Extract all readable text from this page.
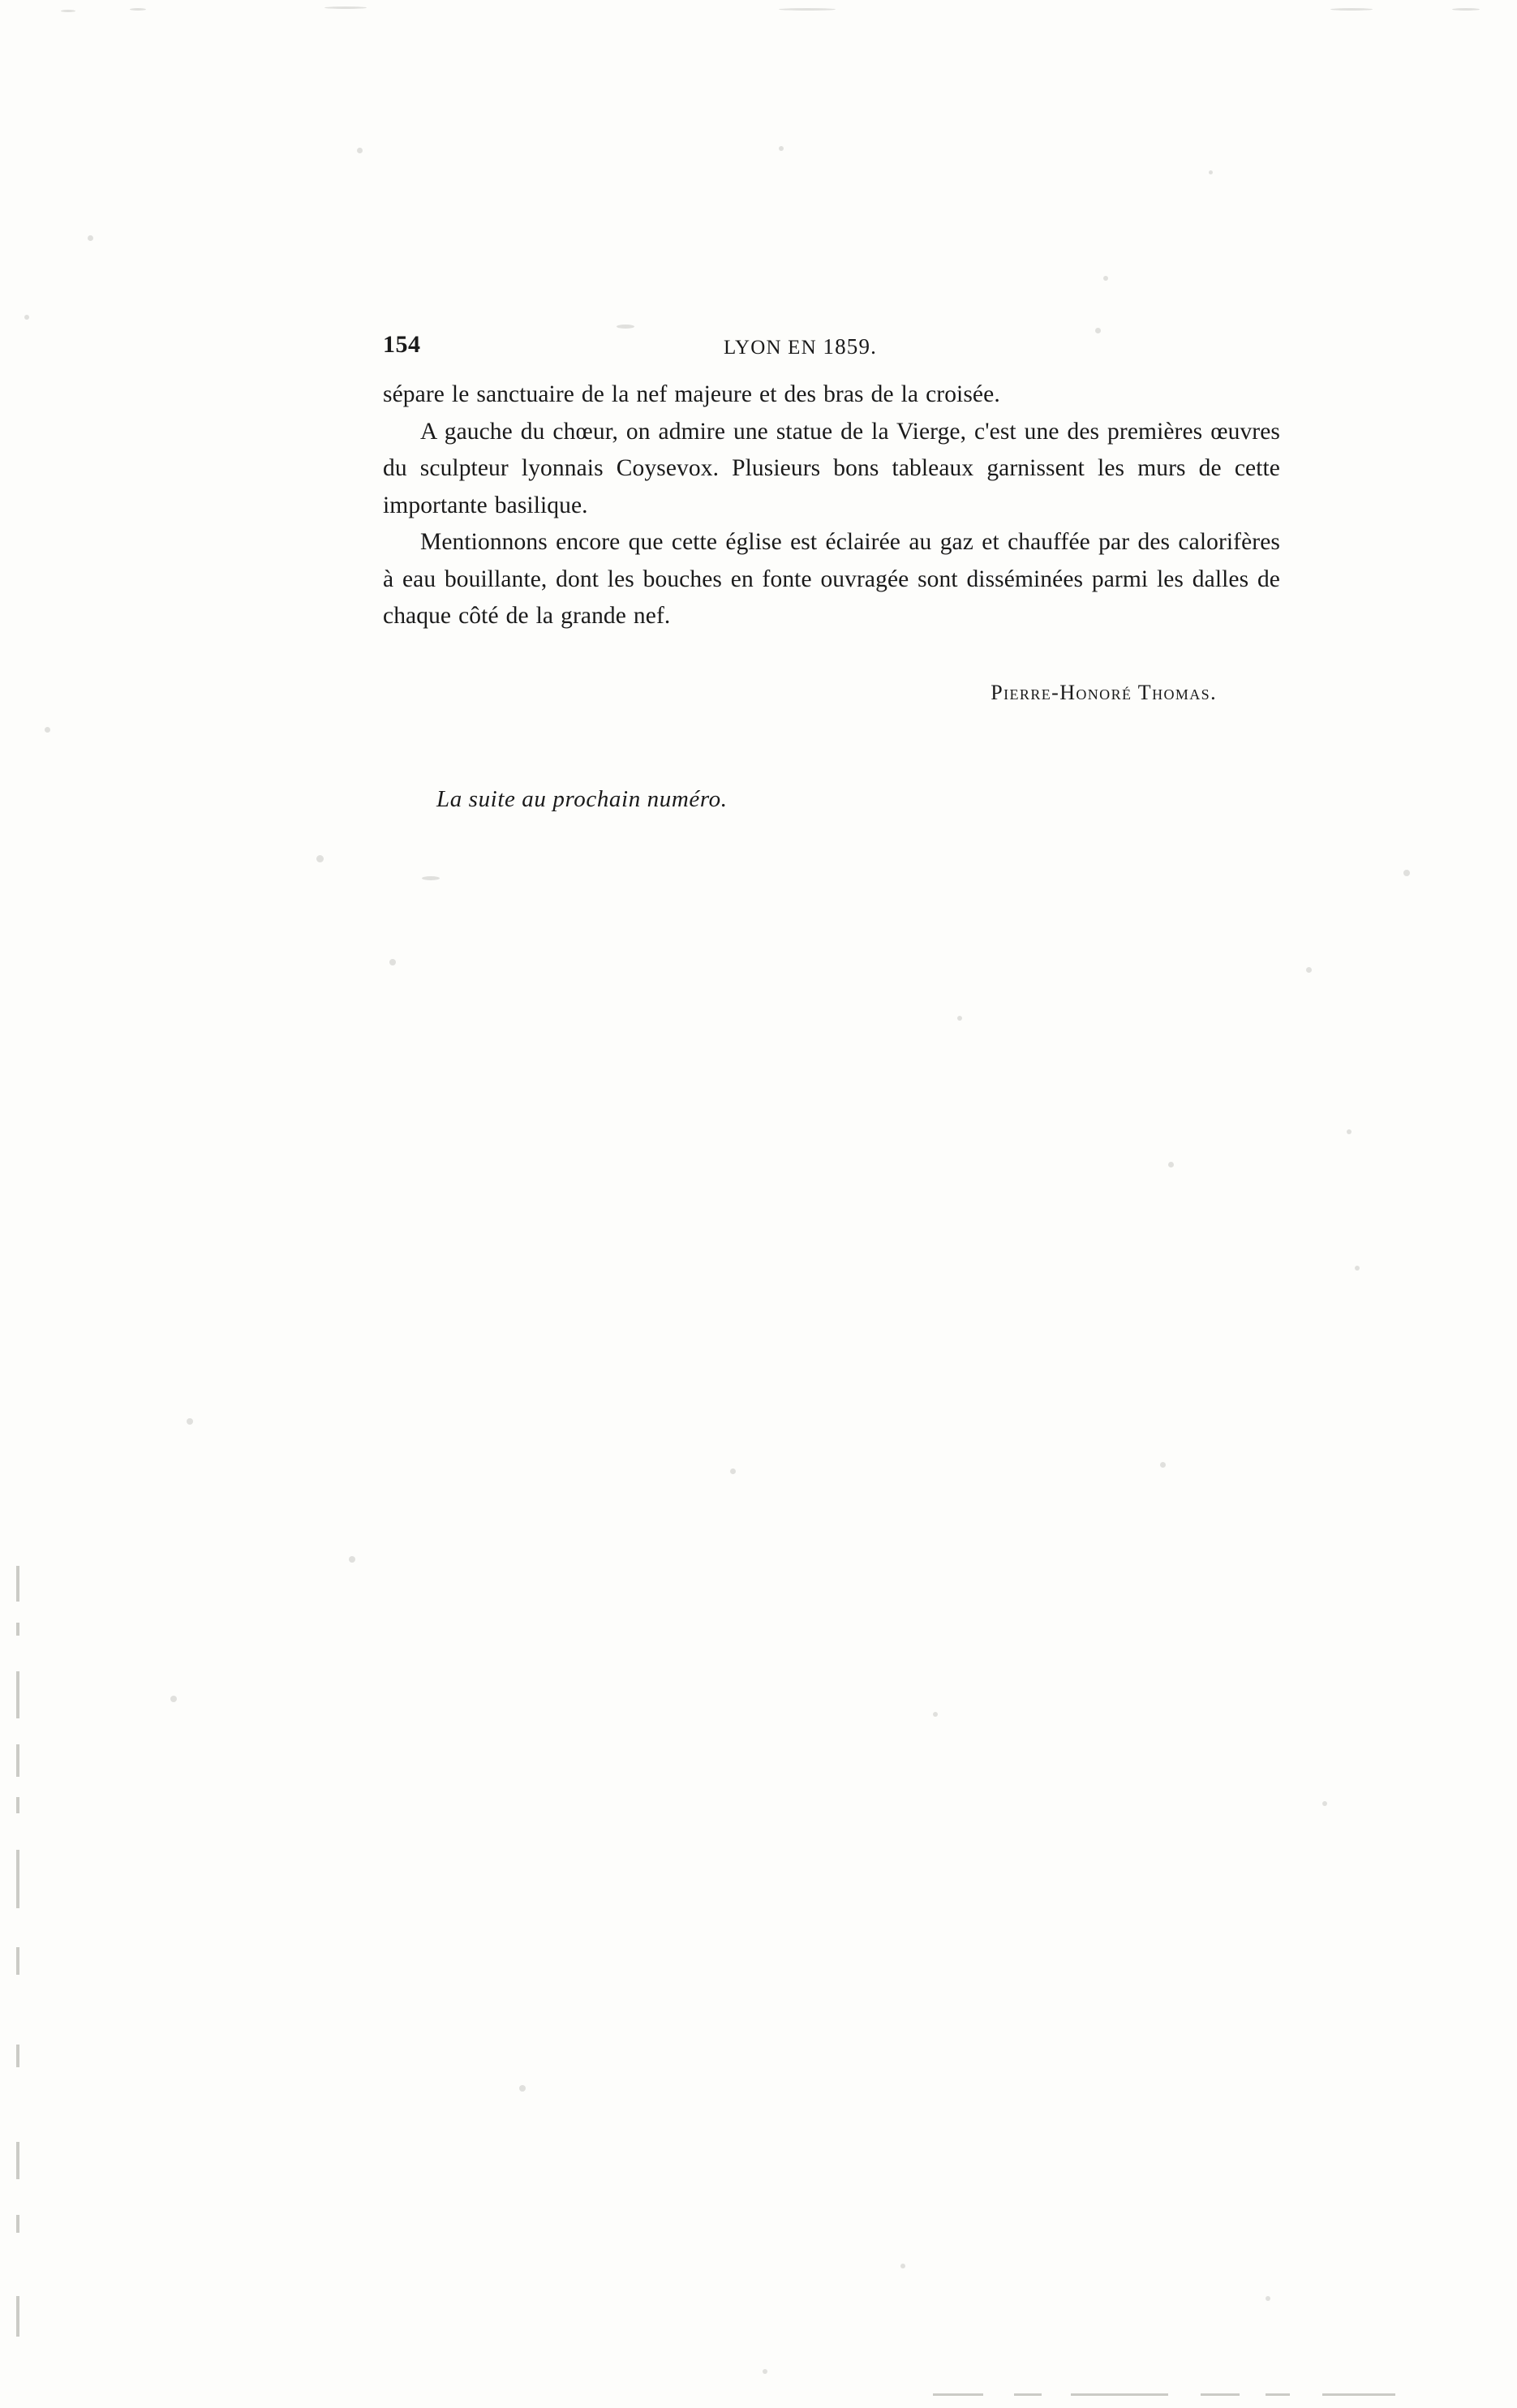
154	LYON EN 1859.

sépare le sanctuaire de la nef majeure et des bras de la croisée.

A gauche du chœur, on admire une statue de la Vierge, c'est une des premières œuvres du sculpteur lyonnais Coysevox. Plusieurs bons tableaux garnissent les murs de cette importante basilique.

Mentionnons encore que cette église est éclairée au gaz et chauffée par des calorifères à eau bouillante, dont les bouches en fonte ouvragée sont disséminées parmi les dalles de chaque côté de la grande nef.

Pierre-Honoré Thomas.
La suite au prochain numéro.
